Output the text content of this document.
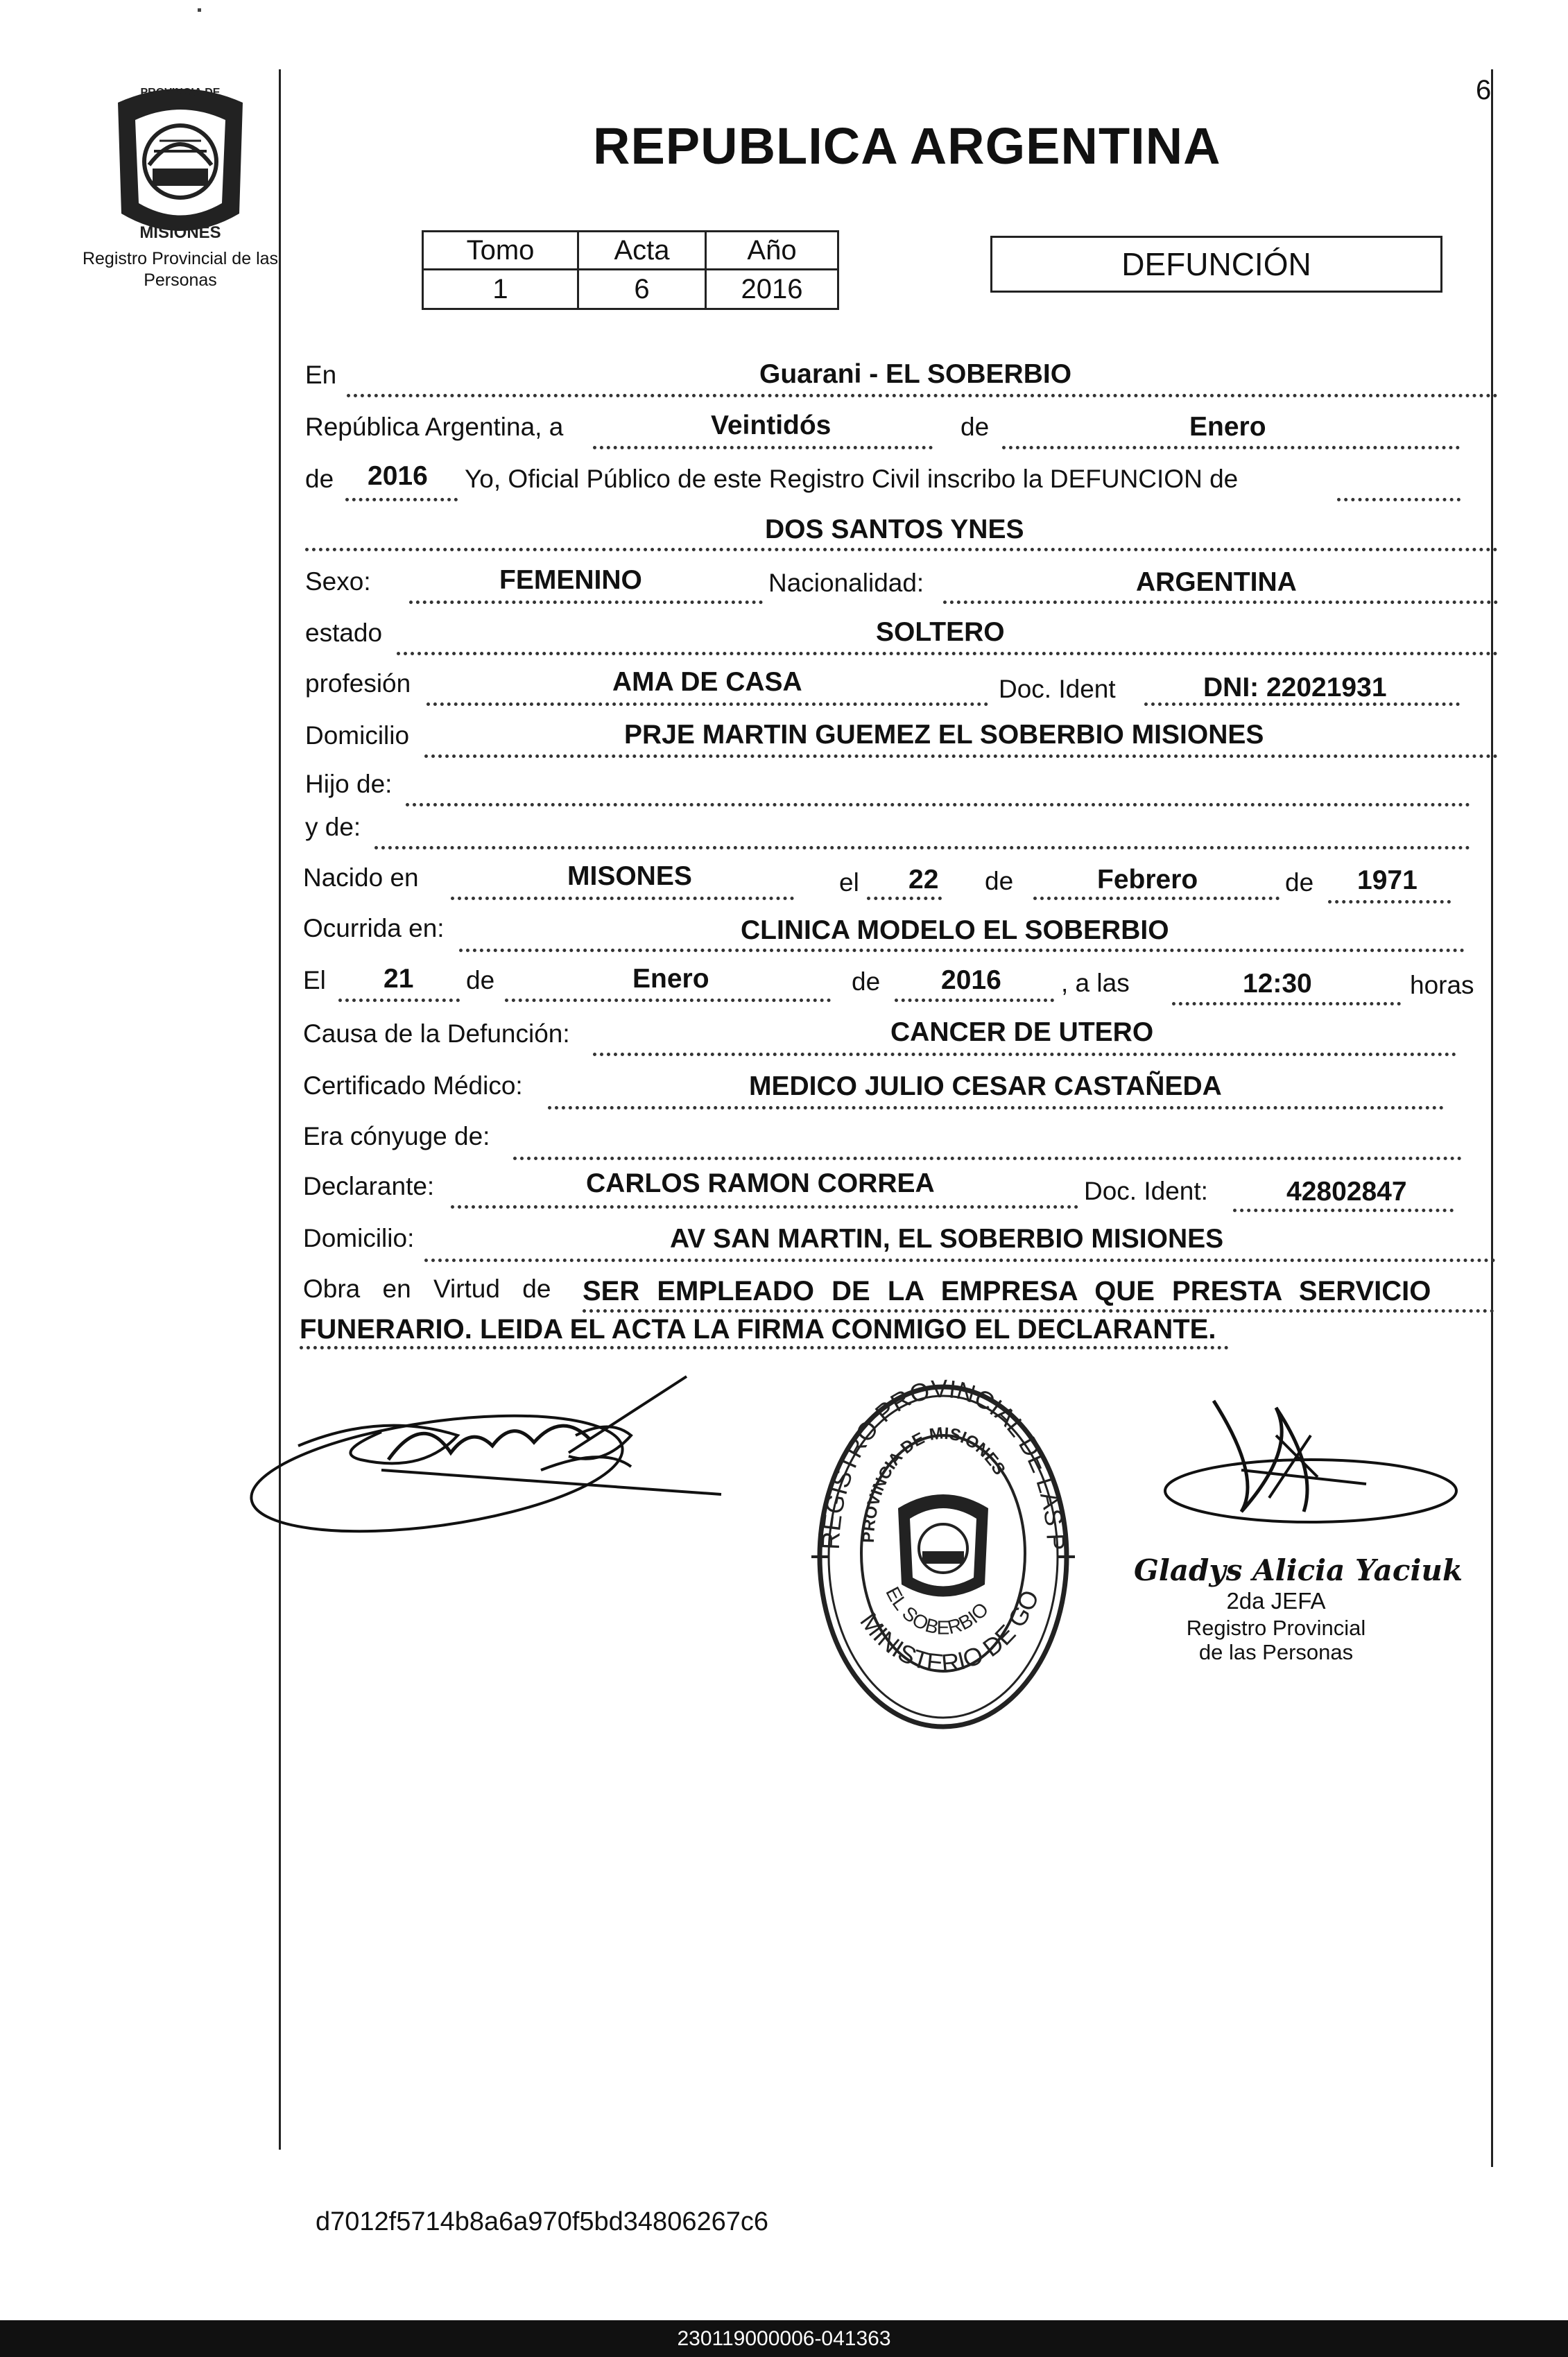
6
MISIONES
PROVINCIA DE
Registro Provincial de las Personas
REPUBLICA ARGENTINA
Tomo	Acta	Año
1	6	2016
DEFUNCIÓN
En	Guarani - EL SOBERBIO
República Argentina, a	Veintidós	de	Enero
de 2016 Yo, Oficial Público de este Registro Civil inscribo la DEFUNCION de
DOS SANTOS YNES
Sexo:	FEMENINO	Nacionalidad:	ARGENTINA
estado	SOLTERO
profesión	AMA DE CASA	Doc. Ident	DNI: 22021931
Domicilio	PRJE MARTIN GUEMEZ EL SOBERBIO MISIONES
Hijo de:
y de:
Nacido en	MISONES	el 22 de	Febrero	de 1971
Ocurrida en:	CLINICA MODELO EL SOBERBIO
El 21 de	Enero	de 2016 , a las	12:30	horas
Causa de la Defunción:	CANCER DE UTERO
Certificado Médico:	MEDICO JULIO CESAR CASTAÑEDA
Era cónyuge de:
Declarante:	CARLOS RAMON CORREA	Doc. Ident:	42802847
Domicilio:	AV SAN MARTIN, EL SOBERBIO MISIONES
Obra en Virtud de SER EMPLEADO DE LA EMPRESA QUE PRESTA SERVICIO
FUNERARIO. LEIDA EL ACTA LA FIRMA CONMIGO EL DECLARANTE.
REGISTRO PROVINCIAL DE LAS P
PROVINCIA DE MISIONES
MINISTERIO DE GO
EL SOBERBIO
Gladys Alicia Yaciuk
2da JEFA
Registro Provincial
de las Personas
d7012f5714b8a6a970f5bd34806267c6
230119000006-041363
